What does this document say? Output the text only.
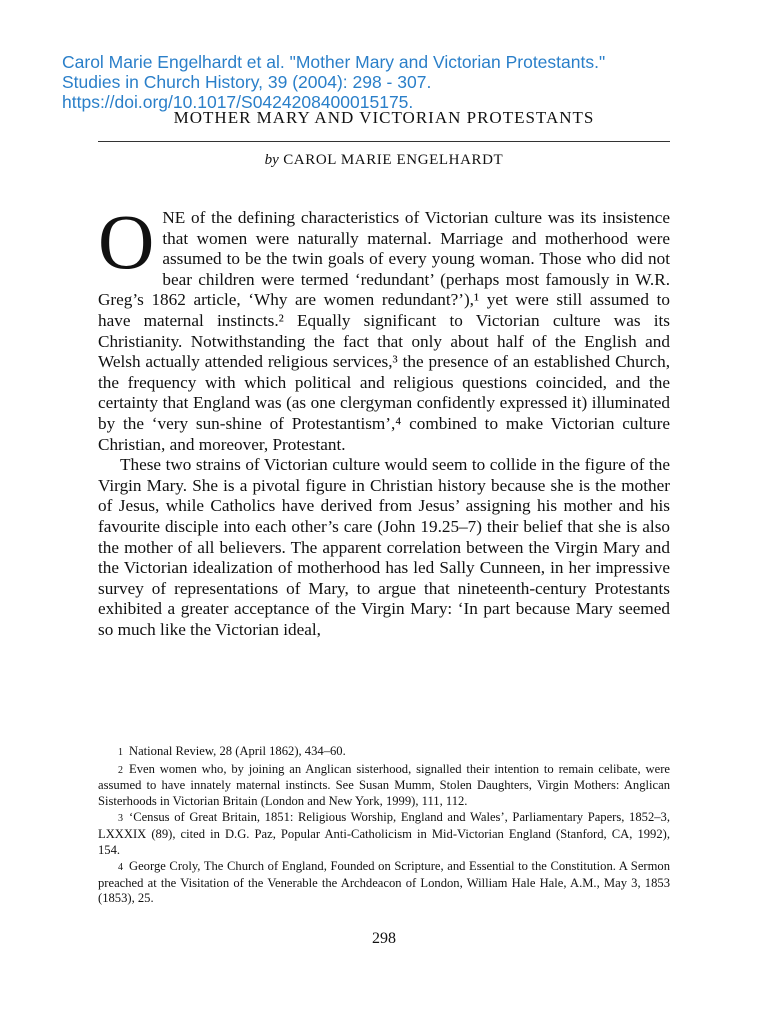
Carol Marie Engelhardt et al. "Mother Mary and Victorian Protestants."
Studies in Church History, 39 (2004): 298 - 307.
https://doi.org/10.1017/S0424208400015175.
MOTHER MARY AND VICTORIAN PROTESTANTS
by CAROL MARIE ENGELHARDT

ONE of the defining characteristics of Victorian culture was its insistence that women were naturally maternal. Marriage and motherhood were assumed to be the twin goals of every young woman. Those who did not bear children were termed ‘redundant’ (perhaps most famously in W.R. Greg’s 1862 article, ‘Why are women redundant?’),¹ yet were still assumed to have maternal instincts.² Equally significant to Victorian culture was its Christianity. Notwithstanding the fact that only about half of the English and Welsh actually attended religious services,³ the presence of an established Church, the frequency with which political and religious questions coincided, and the certainty that England was (as one clergyman confidently expressed it) illuminated by the ‘very sun-shine of Protestantism’,⁴ combined to make Victorian culture Christian, and moreover, Protestant.

These two strains of Victorian culture would seem to collide in the figure of the Virgin Mary. She is a pivotal figure in Christian history because she is the mother of Jesus, while Catholics have derived from Jesus’ assigning his mother and his favourite disciple into each other’s care (John 19.25–7) their belief that she is also the mother of all believers. The apparent correlation between the Virgin Mary and the Victorian idealization of motherhood has led Sally Cunneen, in her impressive survey of representations of Mary, to argue that nineteenth-century Protestants exhibited a greater acceptance of the Virgin Mary: ‘In part because Mary seemed so much like the Victorian ideal,

1 National Review, 28 (April 1862), 434–60.
2 Even women who, by joining an Anglican sisterhood, signalled their intention to remain celibate, were assumed to have innately maternal instincts. See Susan Mumm, Stolen Daughters, Virgin Mothers: Anglican Sisterhoods in Victorian Britain (London and New York, 1999), 111, 112.
3 ‘Census of Great Britain, 1851: Religious Worship, England and Wales’, Parliamentary Papers, 1852–3, LXXXIX (89), cited in D.G. Paz, Popular Anti-Catholicism in Mid-Victorian England (Stanford, CA, 1992), 154.
4 George Croly, The Church of England, Founded on Scripture, and Essential to the Constitution. A Sermon preached at the Visitation of the Venerable the Archdeacon of London, William Hale Hale, A.M., May 3, 1853 (1853), 25.
298
